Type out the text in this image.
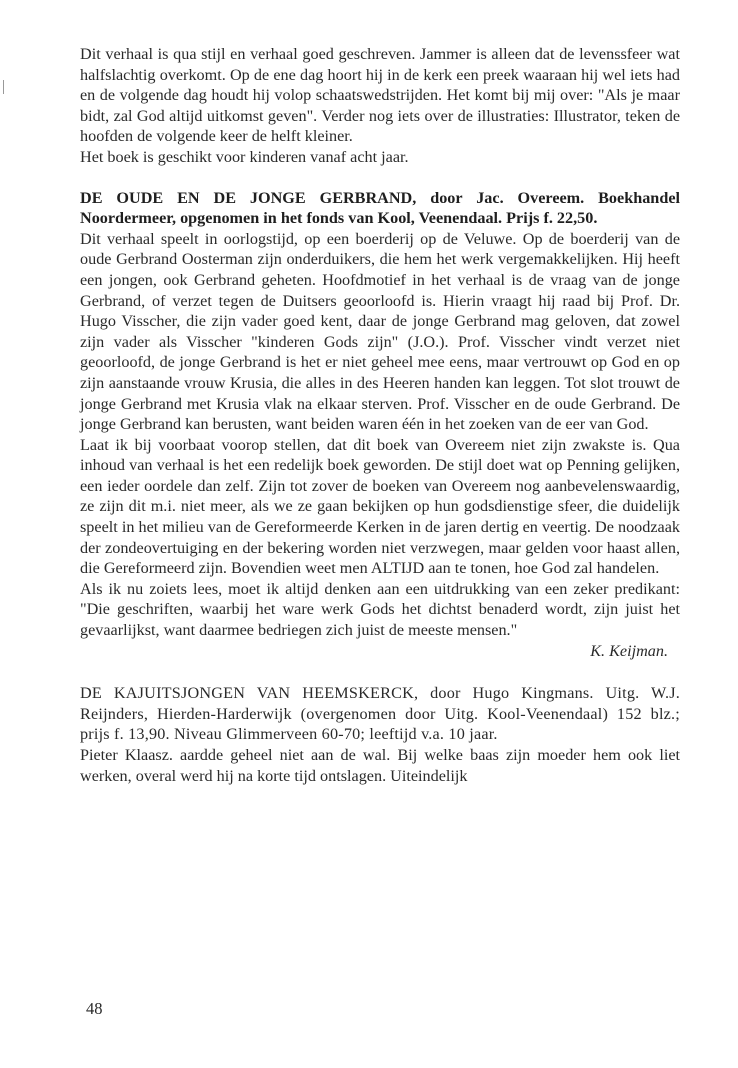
Dit verhaal is qua stijl en verhaal goed geschreven. Jammer is alleen dat de levenssfeer wat halfslachtig overkomt. Op de ene dag hoort hij in de kerk een preek waaraan hij wel iets had en de volgende dag houdt hij volop schaatswedstrijden. Het komt bij mij over: "Als je maar bidt, zal God altijd uitkomst geven". Verder nog iets over de illustraties: Illustrator, teken de hoofden de volgende keer de helft kleiner.

Het boek is geschikt voor kinderen vanaf acht jaar.

DE OUDE EN DE JONGE GERBRAND, door Jac. Overeem. Boekhandel Noordermeer, opgenomen in het fonds van Kool, Veenendaal. Prijs f. 22,50.

Dit verhaal speelt in oorlogstijd, op een boerderij op de Veluwe. Op de boerderij van de oude Gerbrand Oosterman zijn onderduikers, die hem het werk vergemakkelijken. Hij heeft een jongen, ook Gerbrand geheten. Hoofdmotief in het verhaal is de vraag van de jonge Gerbrand, of verzet tegen de Duitsers geoorloofd is. Hierin vraagt hij raad bij Prof. Dr. Hugo Visscher, die zijn vader goed kent, daar de jonge Gerbrand mag geloven, dat zowel zijn vader als Visscher "kinderen Gods zijn" (J.O.). Prof. Visscher vindt verzet niet geoorloofd, de jonge Gerbrand is het er niet geheel mee eens, maar vertrouwt op God en op zijn aanstaande vrouw Krusia, die alles in des Heeren handen kan leggen. Tot slot trouwt de jonge Gerbrand met Krusia vlak na elkaar sterven. Prof. Visscher en de oude Gerbrand. De jonge Gerbrand kan berusten, want beiden waren één in het zoeken van de eer van God.

Laat ik bij voorbaat voorop stellen, dat dit boek van Overeem niet zijn zwakste is. Qua inhoud van verhaal is het een redelijk boek geworden. De stijl doet wat op Penning gelijken, een ieder oordele dan zelf. Zijn tot zover de boeken van Overeem nog aanbevelenswaardig, ze zijn dit m.i. niet meer, als we ze gaan bekijken op hun godsdienstige sfeer, die duidelijk speelt in het milieu van de Gereformeerde Kerken in de jaren dertig en veertig. De noodzaak der zondeovertuiging en der bekering worden niet verzwegen, maar gelden voor haast allen, die Gereformeerd zijn. Bovendien weet men ALTIJD aan te tonen, hoe God zal handelen.

Als ik nu zoiets lees, moet ik altijd denken aan een uitdrukking van een zeker predikant: "Die geschriften, waarbij het ware werk Gods het dichtst benaderd wordt, zijn juist het gevaarlijkst, want daarmee bedriegen zich juist de meeste mensen."

K. Keijman.

DE KAJUITSJONGEN VAN HEEMSKERCK, door Hugo Kingmans. Uitg. W.J. Reijnders, Hierden-Harderwijk (overgenomen door Uitg. Kool-Veenendaal) 152 blz.; prijs f. 13,90. Niveau Glimmerveen 60-70; leeftijd v.a. 10 jaar.

Pieter Klaasz. aardde geheel niet aan de wal. Bij welke baas zijn moeder hem ook liet werken, overal werd hij na korte tijd ontslagen. Uiteindelijk

48
